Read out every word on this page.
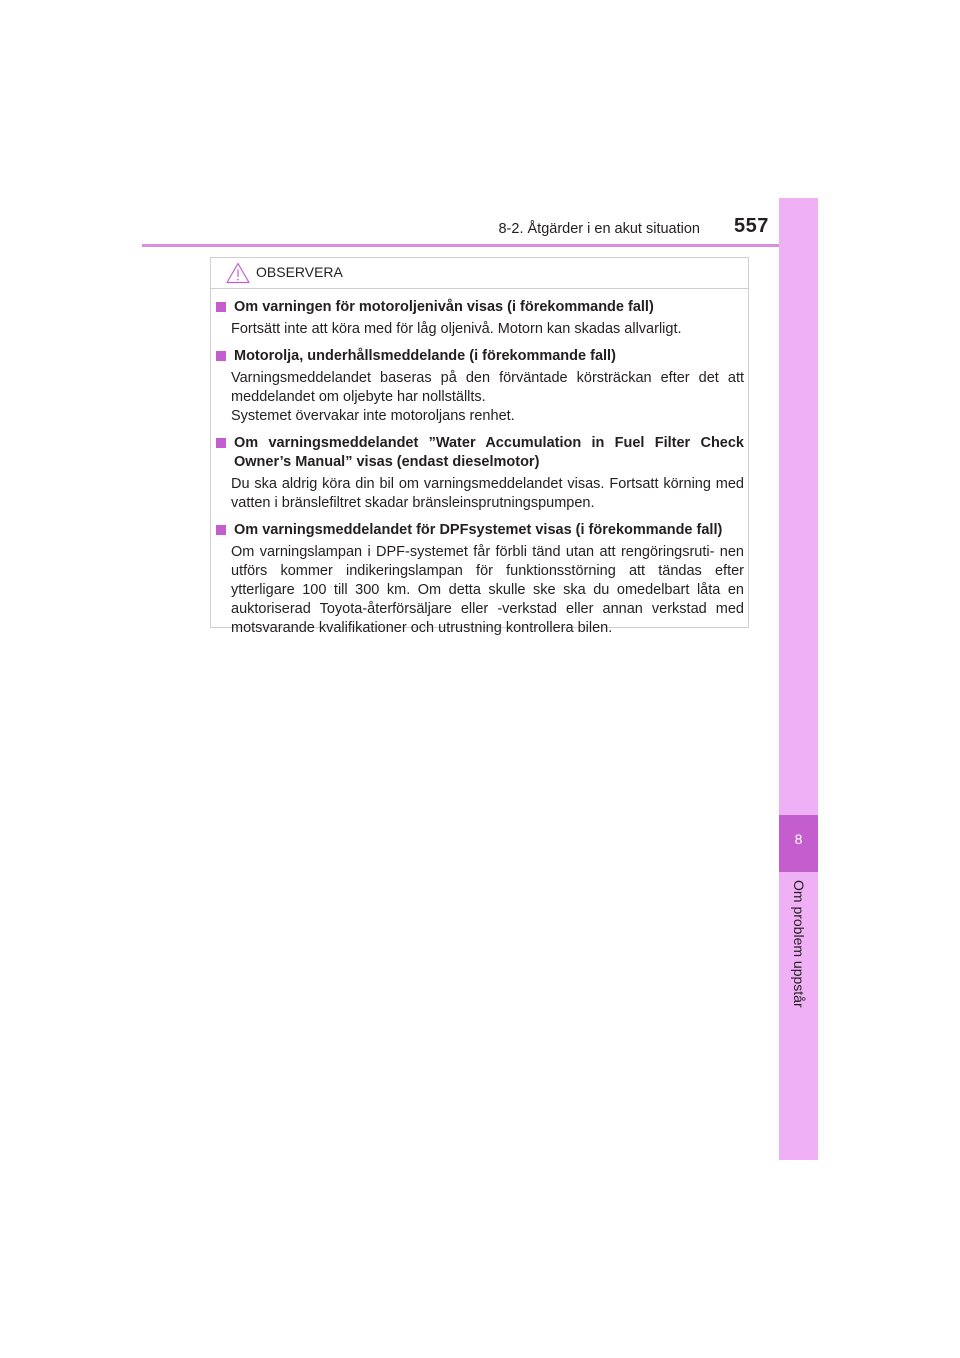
8-2. Åtgärder i en akut situation 557
8
Om problem uppstår
OBSERVERA
Om varningen för motoroljenivån visas (i förekommande fall)

Fortsätt inte att köra med för låg oljenivå. Motorn kan skadas allvarligt.

Motorolja, underhållsmeddelande (i förekommande fall)

Varningsmeddelandet baseras på den förväntade körsträckan efter det att meddelandet om oljebyte har nollställts.

Systemet övervakar inte motoroljans renhet.

Om varningsmeddelandet ”Water Accumulation in Fuel Filter Check Owner’s Manual” visas (endast dieselmotor)

Du ska aldrig köra din bil om varningsmeddelandet visas. Fortsatt körning med vatten i bränslefiltret skadar bränsleinsprutningspumpen.

Om varningsmeddelandet för DPFsystemet visas (i förekommande fall)

Om varningslampan i DPF-systemet får förbli tänd utan att rengöringsruti- nen utförs kommer indikeringslampan för funktionsstörning att tändas efter ytterligare 100 till 300 km. Om detta skulle ske ska du omedelbart låta en auktoriserad Toyota-återförsäljare eller -verkstad eller annan verkstad med motsvarande kvalifikationer och utrustning kontrollera bilen.
